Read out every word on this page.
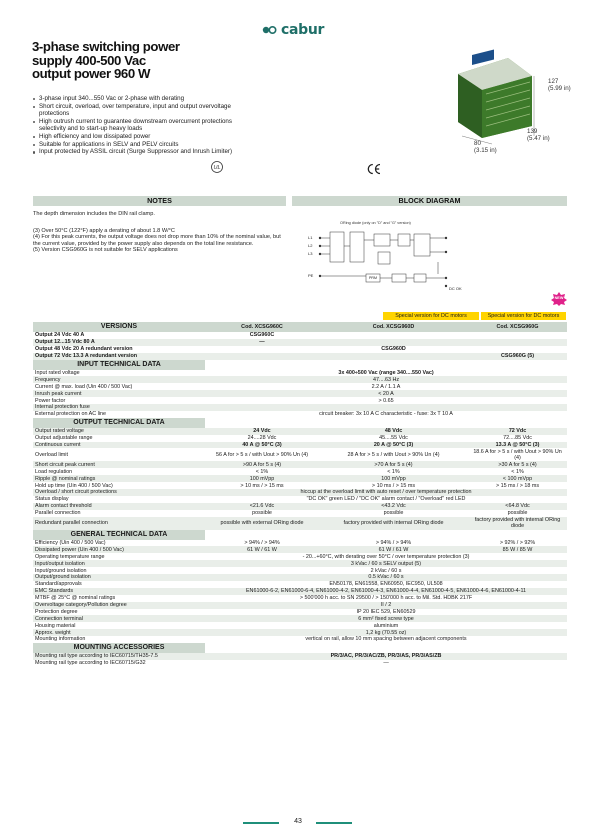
cabur
3-phase switching power
supply 400-500 Vac
output power 960 W
3-phase input 340...550 Vac or 2-phase with derating
Short circuit, overload, over temperature, input and output overvoltage protections
High outrush current to guarantee downstream overcurrent protections selectivity and to start-up heavy loads
High efficiency and low dissipated power
Suitable for applications in SELV and PELV circuits
Input protected by ASSIL circuit (Surge Suppressor and Inrush Limiter)
UL
127
(5.99 in)
139
(5.47 in)
80
(3.15 in)
NOTES	BLOCK DIAGRAM
The depth dimension includes the DIN rail clamp.
(3) Over 50°C (122°F) apply a derating of about 1.8 W/°C
(4) For this peak currents, the output voltage does not drop more than 10% of the nominal value, but the current value, provided by the power supply also depends on the total line resistance.
(5) Version CSG960G is not suitable for SELV applications
ORing diode (only on "D" and "G" version)
L1
L2
L3
PE	PRM
DC OK
NEW
Special version for DC motors	Special version for DC motors
VERSIONS	Cod. XCSG960C	Cod. XCSG960D	Cod. XCSG960G
Output 24 Vdc 40 A	CSG960C		
Output 12...15 Vdc 80 A	—		
Output 48 Vdc 20 A redundant version		CSG960D	
Output 72 Vdc 13.3 A redundant version			CSG960G (5)
INPUT TECHNICAL DATA			
Input rated voltage	3x 400÷500 Vac (range 340....550 Vac)		
Frequency	47....63 Hz		
Current @ max. load (Uin 400 / 500 Vac)	2.2 A / 1.1 A		
Inrush peak current	< 20 A		
Power factor	> 0.65		
Internal protection fuse			
External protection on AC line	circuit breaker: 3x 10 A C characteristic - fuse: 3x T 10 A		
OUTPUT TECHNICAL DATA			
Output rated voltage	24 Vdc	48 Vdc	72 Vdc
Output adjustable range	24....28 Vdc	45....55 Vdc	72....85 Vdc
Continuous current	40 A @ 50°C (3)	20 A @ 50°C (3)	13.3 A @ 50°C (3)
Overload limit	56 A for > 5 s / with Uout > 90% Un (4)	28 A for > 5 s / with Uout > 90% Un (4)	18.6 A for > 5 s / with Uout > 90% Un (4)
Short circuit peak current	>90 A for 5 s (4)	>70 A for 5 s (4)	>30 A for 5 s (4)
Load regulation	< 1%	< 1%	< 1%
Ripple @ nominal ratings	100 mVpp	100 mVpp	< 100 mVpp
Hold up time (Uin 400 / 500 Vac)	> 10 ms / > 15 ms	> 10 ms / > 15 ms	> 15 ms / > 18 ms
Overload / short circuit protections	hiccup at the overload limit with auto reset / over temperature protection		
Status display	"DC OK" green LED / "DC OK" alarm contact / "Overload" red LED		
Alarm contact threshold	<21.6 Vdc	<43.2 Vdc	<64.8 Vdc
Parallel connection	possible	possible	possible
Redundant parallel connection	possible with external ORing diode	factory provided with internal ORing diode	factory provided with internal ORing diode
GENERAL TECHNICAL DATA			
Efficiency (Uin 400 / 500 Vac)	> 94% / > 94%	> 94% / > 94%	> 92% / > 92%
Dissipated power (Uin 400 / 500 Vac)	61 W / 61 W	61 W / 61 W	85 W / 85 W
Operating temperature range	- 20...+60°C, with derating over 50°C / over temperature protection (3)		
Input/output isolation	3 kVac / 60 s SELV output (5)		
Input/ground isolation	2 kVac / 60 s		
Output/ground isolation	0.5 kVac / 60 s		
Standard/approvals	EN50178, EN61558, EN60950, IEC950, UL508		
EMC Standards	EN61000-6-2, EN61000-6-4, EN61000-4-2, EN61000-4-3, EN61000-4-4, EN61000-4-5, EN61000-4-6, EN61000-4-11		
MTBF @ 25°C @ nominal ratings	> 500'000 h acc. to SN 29500 / > 150'000 h acc. to Mil. Std. HDBK 217F		
Overvoltage category/Pollution degree	II / 2		
Protection degree	IP 20 IEC 529, EN60529		
Connection terminal	6 mm² fixed screw type		
Housing material	aluminium		
Approx. weight	1,2 kg (70.55 oz)		
Mounting information	vertical on rail, allow 10 mm spacing between adjacent components		
MOUNTING ACCESSORIES			
Mounting rail type according to IEC60715/TH35-7.5	PR/3/AC, PR/3/AC/ZB, PR/3/AS, PR/3/AS/ZB		
Mounting rail type according to IEC60715/G32	—		
43
